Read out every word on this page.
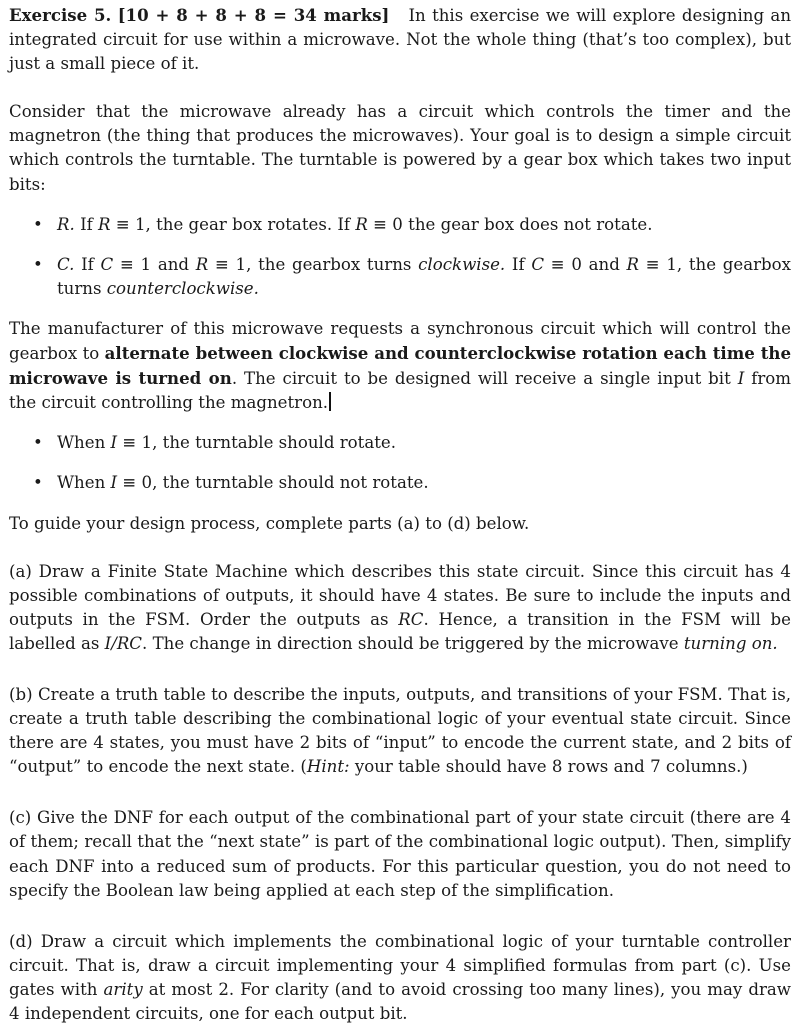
Exercise 5. [10 + 8 + 8 + 8 = 34 marks] In this exercise we will explore designing an integrated circuit for use within a microwave. Not the whole thing (that’s too complex), but just a small piece of it.

Consider that the microwave already has a circuit which controls the timer and the magnetron (the thing that produces the microwaves). Your goal is to design a simple circuit which controls the turntable. The turntable is powered by a gear box which takes two input bits:

• R. If R ≡ 1, the gear box rotates. If R ≡ 0 the gear box does not rotate.
• C. If C ≡ 1 and R ≡ 1, the gearbox turns clockwise. If C ≡ 0 and R ≡ 1, the gearbox turns counterclockwise.

The manufacturer of this microwave requests a synchronous circuit which will control the gearbox to alternate between clockwise and counterclockwise rotation each time the microwave is turned on. The circuit to be designed will receive a single input bit I from the circuit controlling the magnetron.

• When I ≡ 1, the turntable should rotate.
• When I ≡ 0, the turntable should not rotate.

To guide your design process, complete parts (a) to (d) below.

(a) Draw a Finite State Machine which describes this state circuit. Since this circuit has 4 possible combinations of outputs, it should have 4 states. Be sure to include the inputs and outputs in the FSM. Order the outputs as RC. Hence, a transition in the FSM will be labelled as I/RC. The change in direction should be triggered by the microwave turning on.

(b) Create a truth table to describe the inputs, outputs, and transitions of your FSM. That is, create a truth table describing the combinational logic of your eventual state circuit. Since there are 4 states, you must have 2 bits of “input” to encode the current state, and 2 bits of “output” to encode the next state. (Hint: your table should have 8 rows and 7 columns.)

(c) Give the DNF for each output of the combinational part of your state circuit (there are 4 of them; recall that the “next state” is part of the combinational logic output). Then, simplify each DNF into a reduced sum of products. For this particular question, you do not need to specify the Boolean law being applied at each step of the simplification.

(d) Draw a circuit which implements the combinational logic of your turntable controller circuit. That is, draw a circuit implementing your 4 simplified formulas from part (c). Use gates with arity at most 2. For clarity (and to avoid crossing too many lines), you may draw 4 independent circuits, one for each output bit.
